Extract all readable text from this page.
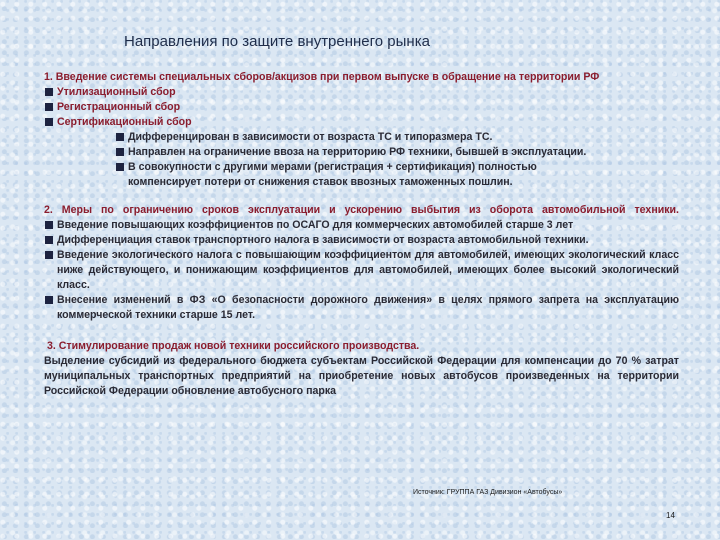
Направления по защите внутреннего рынка
1. Введение системы специальных сборов/акцизов при первом выпуске в обращение на территории РФ
Утилизационный сбор
Регистрационный сбор
Сертификационный сбор
Дифференцирован в зависимости от возраста ТС и типоразмера ТС.
Направлен на ограничение ввоза на территорию РФ техники, бывшей в эксплуатации.
В совокупности с другими мерами (регистрация + сертификация) полностью компенсирует потери от снижения ставок ввозных таможенных пошлин.
2. Меры по ограничению сроков эксплуатации и ускорению выбытия из оборота автомобильной техники.
Введение повышающих коэффициентов по ОСАГО для коммерческих автомобилей старше 3 лет
Дифференциация ставок транспортного налога в зависимости от возраста автомобильной техники.
Введение экологического налога с повышающим коэффициентом для автомобилей, имеющих экологический класс ниже действующего, и понижающим коэффициентов для автомобилей, имеющих более высокий экологический класс.
Внесение изменений в ФЗ «О безопасности дорожного движения» в целях прямого запрета на эксплуатацию коммерческой техники старше 15 лет.
3. Стимулирование продаж новой техники российского производства.
Выделение субсидий из федерального бюджета субъектам Российской Федерации для компенсации до 70 % затрат муниципальных транспортных предприятий на приобретение новых автобусов произведенных на территории Российской Федерации обновление автобусного парка
Источник: ГРУППА ГАЗ Дивизион «Автобусы»
14
